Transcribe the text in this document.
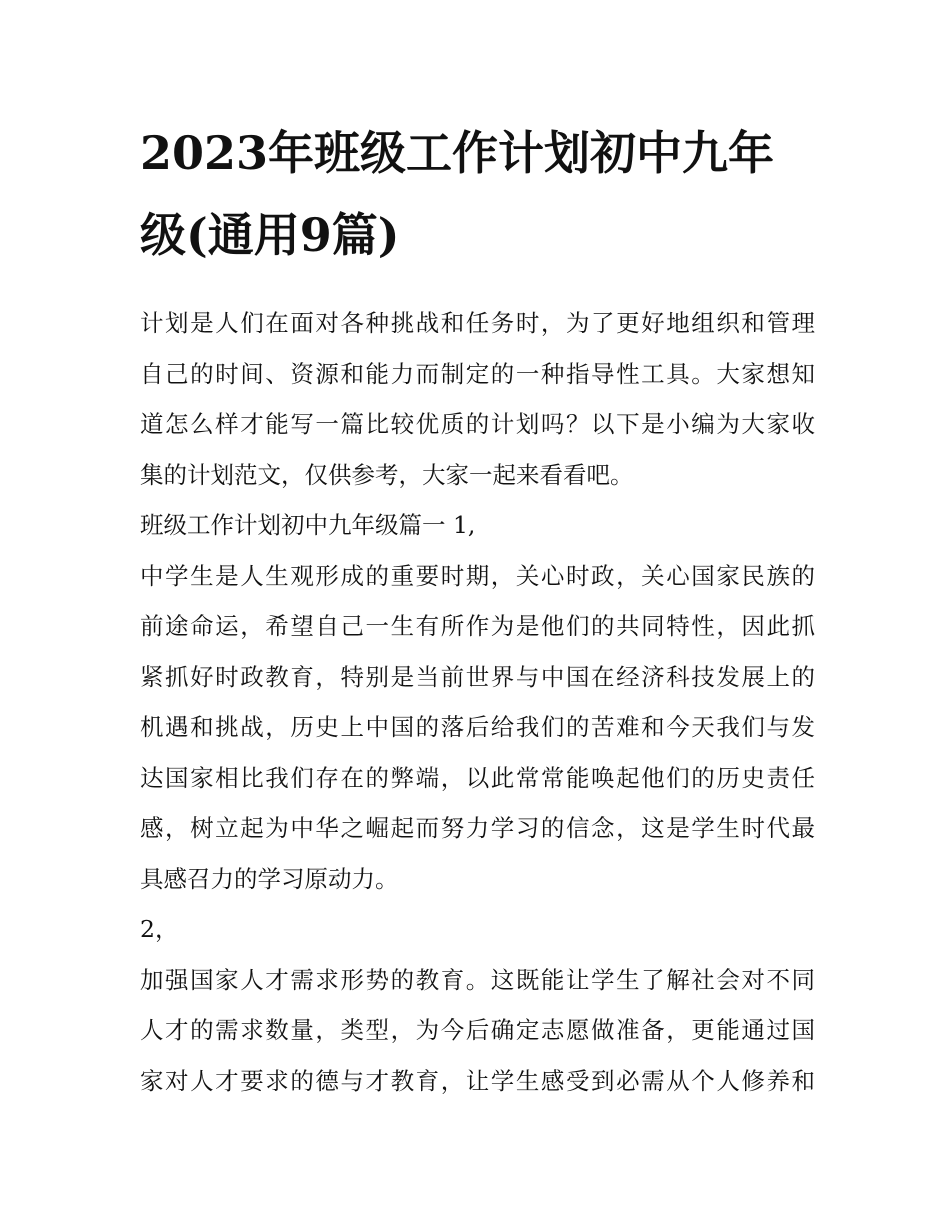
2023年班级工作计划初中九年
级(通用9篇)

计划是人们在面对各种挑战和任务时，为了更好地组织和管理
自己的时间、资源和能力而制定的一种指导性工具。大家想知
道怎么样才能写一篇比较优质的计划吗？以下是小编为大家收
集的计划范文，仅供参考，大家一起来看看吧。

班级工作计划初中九年级篇一 1,

中学生是人生观形成的重要时期，关心时政，关心国家民族的
前途命运，希望自己一生有所作为是他们的共同特性，因此抓
紧抓好时政教育，特别是当前世界与中国在经济科技发展上的
机遇和挑战，历史上中国的落后给我们的苦难和今天我们与发
达国家相比我们存在的弊端，以此常常能唤起他们的历史责任
感，树立起为中华之崛起而努力学习的信念，这是学生时代最
具感召力的学习原动力。

2，

加强国家人才需求形势的教育。这既能让学生了解社会对不同
人才的需求数量，类型，为今后确定志愿做准备，更能通过国
家对人才要求的德与才教育，让学生感受到必需从个人修养和
